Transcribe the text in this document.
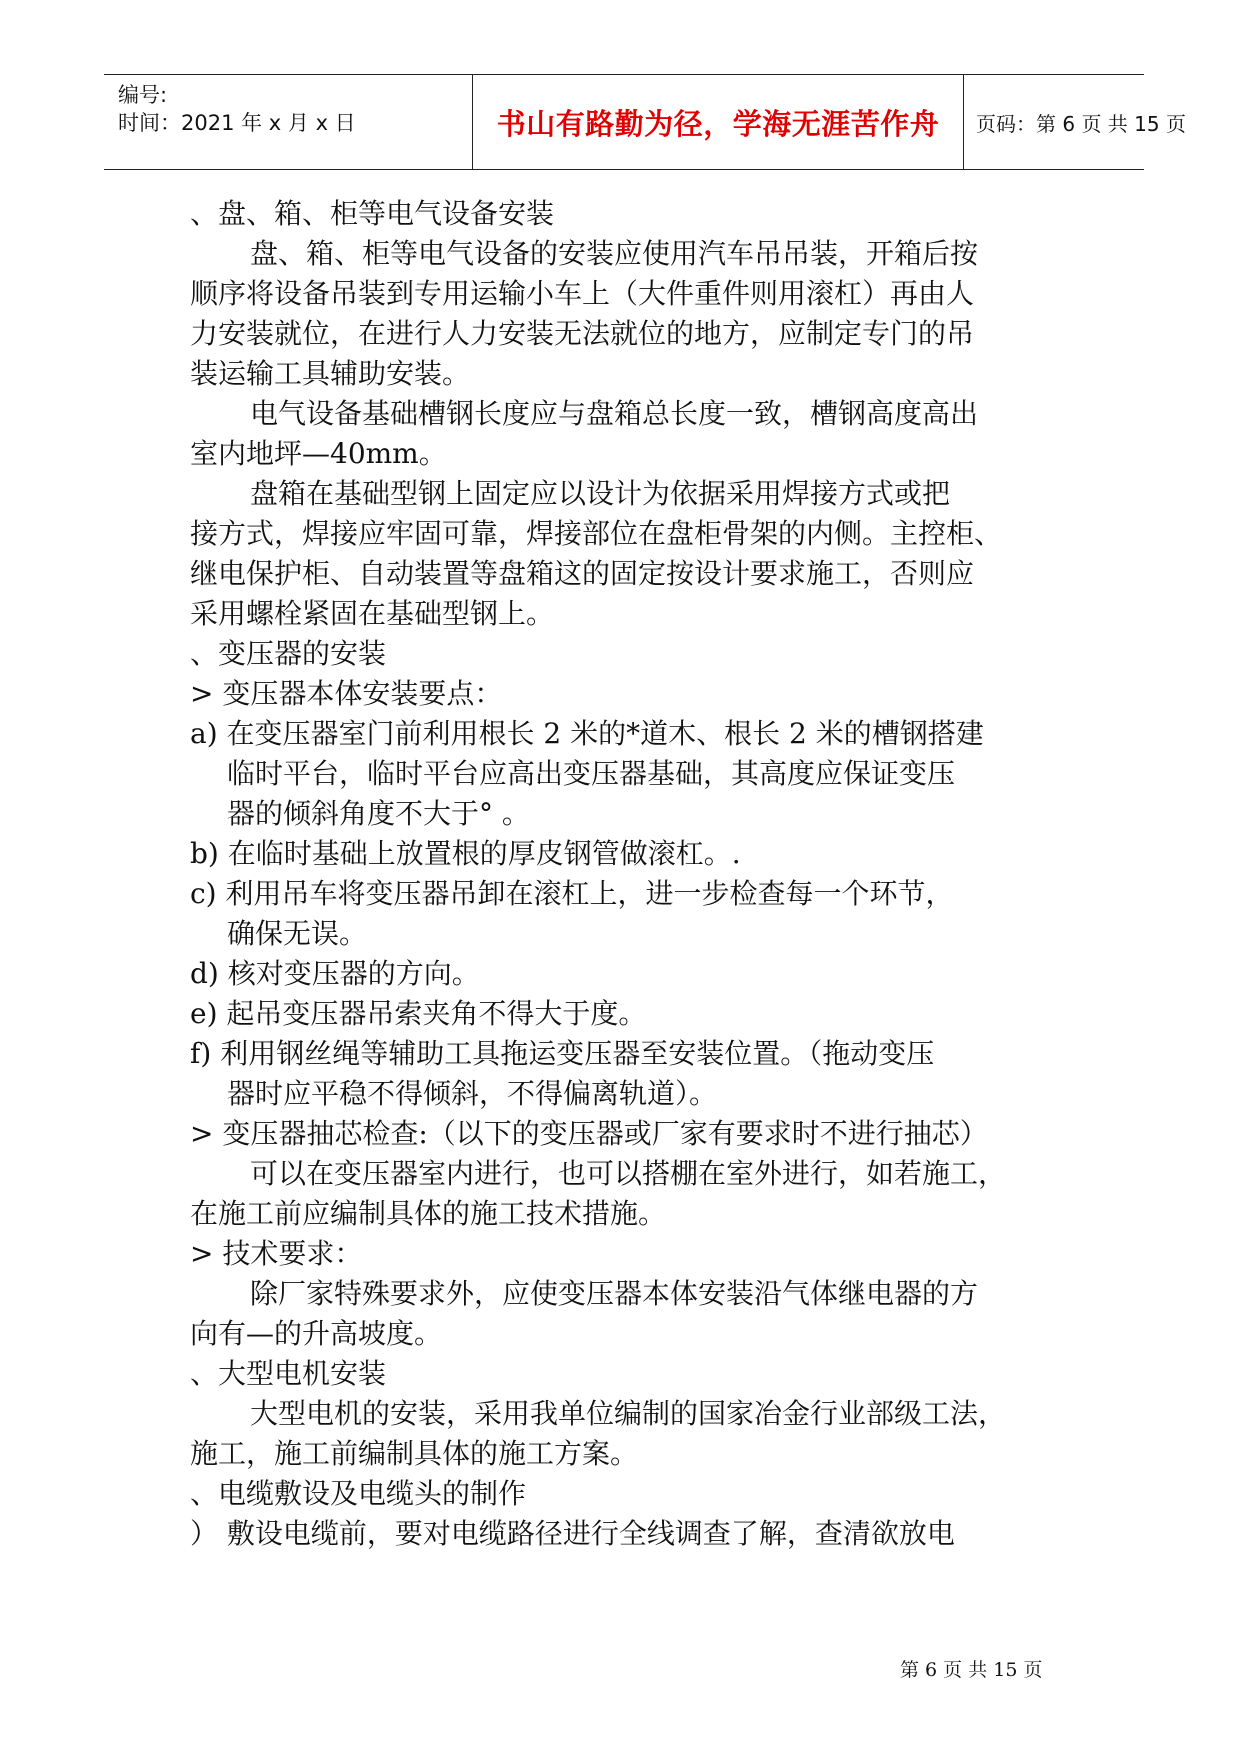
编号:
时间：2021 年 x 月 x 日	书山有路勤为径，学海无涯苦作舟 页码：第 6 页 共 15 页
、盘、箱、柜等电气设备安装
盘、箱、柜等电气设备的安装应使用汽车吊吊装，开箱后按
顺序将设备吊装到专用运输小车上（大件重件则用滚杠）再由人
力安装就位，在进行人力安装无法就位的地方，应制定专门的吊
装运输工具辅助安装。
电气设备基础槽钢长度应与盘箱总长度一致，槽钢高度高出
室内地坪—40mm。
盘箱在基础型钢上固定应以设计为依据采用焊接方式或把
接方式，焊接应牢固可靠，焊接部位在盘柜骨架的内侧。主控柜、
继电保护柜、自动装置等盘箱这的固定按设计要求施工，否则应
采用螺栓紧固在基础型钢上。
、变压器的安装
> 变压器本体安装要点：
a) 在变压器室门前利用根长 2 米的*道木、根长 2 米的槽钢搭建
临时平台，临时平台应高出变压器基础，其高度应保证变压
器的倾斜角度不大于° 。
b) 在临时基础上放置根的厚皮钢管做滚杠。.
c) 利用吊车将变压器吊卸在滚杠上，进一步检查每一个环节，
确保无误。
d) 核对变压器的方向。
e) 起吊变压器吊索夹角不得大于度。
f) 利用钢丝绳等辅助工具拖运变压器至安装位置。（拖动变压
器时应平稳不得倾斜，不得偏离轨道）。
> 变压器抽芯检查:（以下的变压器或厂家有要求时不进行抽芯）
可以在变压器室内进行，也可以搭棚在室外进行，如若施工，
在施工前应编制具体的施工技术措施。
> 技术要求：
除厂家特殊要求外，应使变压器本体安装沿气体继电器的方
向有—的升高坡度。
、大型电机安装
大型电机的安装，采用我单位编制的国家冶金行业部级工法，
施工，施工前编制具体的施工方案。
、电缆敷设及电缆头的制作
） 敷设电缆前，要对电缆路径进行全线调查了解，查清欲放电
第 6 页 共 15 页
